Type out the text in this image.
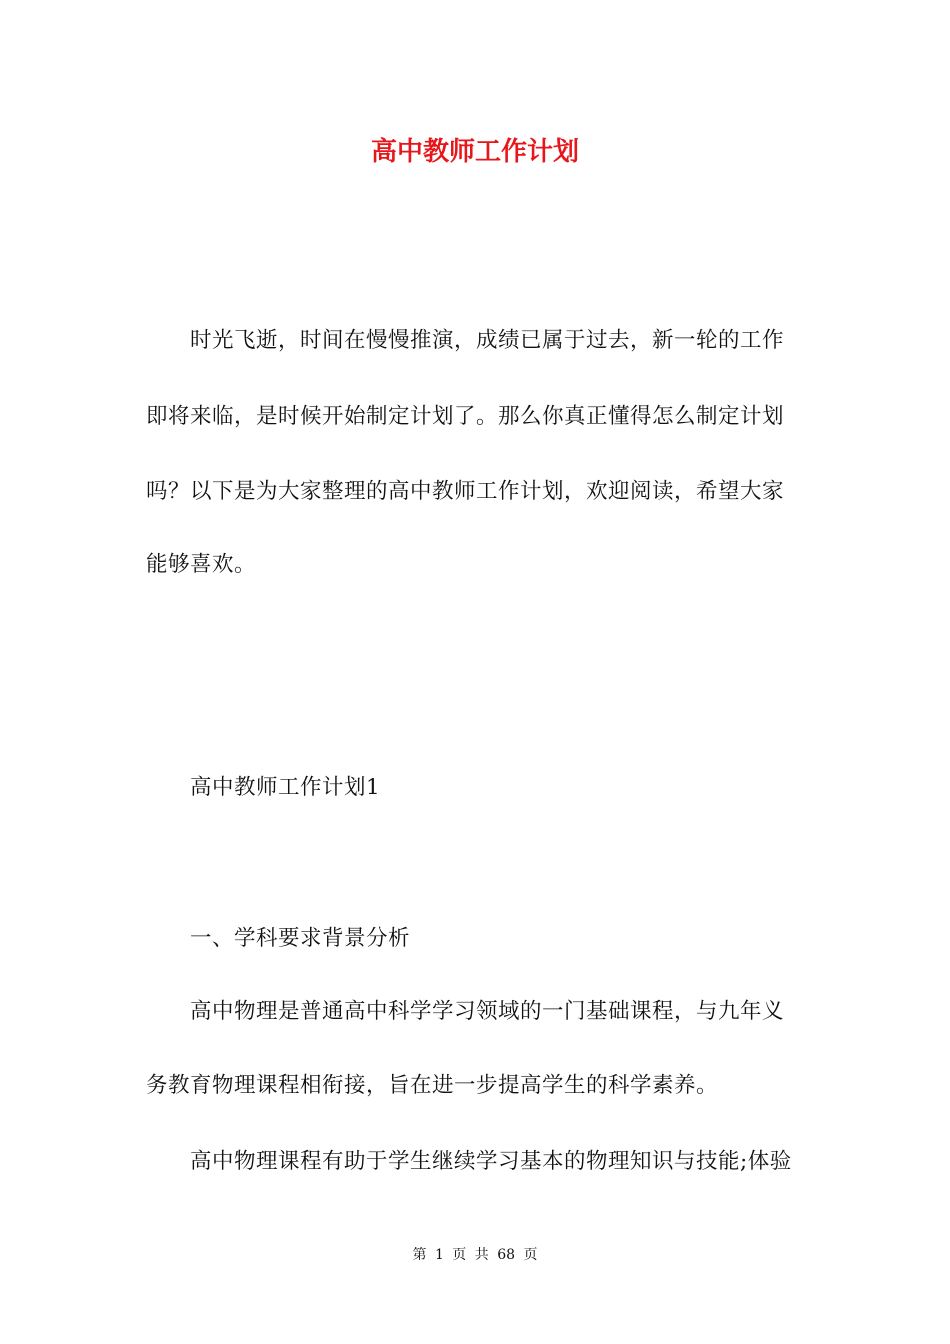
高中教师工作计划
时光飞逝，时间在慢慢推演，成绩已属于过去，新一轮的工作
即将来临，是时候开始制定计划了。那么你真正懂得怎么制定计划
吗？以下是为大家整理的高中教师工作计划，欢迎阅读，希望大家
能够喜欢。
高中教师工作计划1
一、学科要求背景分析
高中物理是普通高中科学学习领域的一门基础课程，与九年义
务教育物理课程相衔接，旨在进一步提高学生的科学素养。
高中物理课程有助于学生继续学习基本的物理知识与技能;体验
第 1 页 共 68 页
